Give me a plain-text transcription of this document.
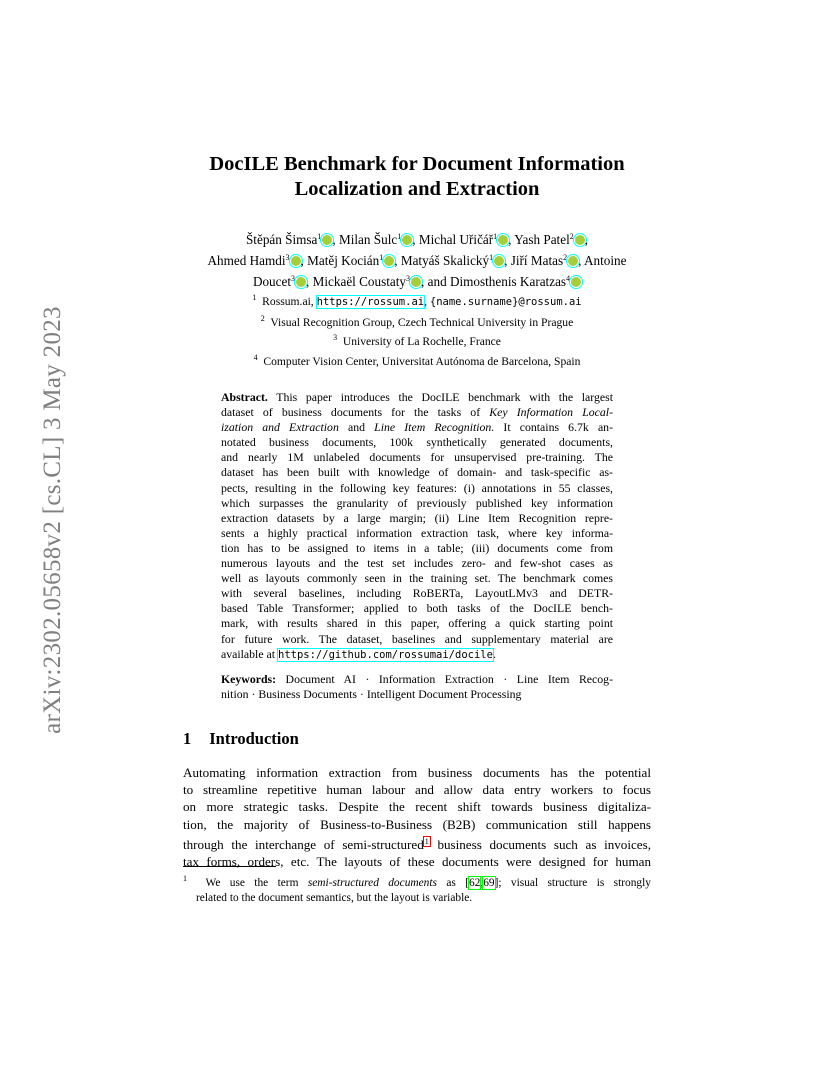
arXiv:2302.05658v2 [cs.CL] 3 May 2023
DocILE Benchmark for Document Information
Localization and Extraction
Štěpán Šimsa$^1$ , Milan Šulc$^1$ , Michal Uřičář$^1$ , Yash Patel$^2$ ,
Ahmed Hamdi$^3$ , Matěj Kocián$^1$ , Matyáš Skalický$^1$ , Jiří Matas$^2$ , Antoine
Doucet$^3$ , Mickaël Coustaty$^3$ , and Dimosthenis Karatzas$^4$
$^1$ Rossum.ai, https://rossum.ai, {name.surname}@rossum.ai
$^2$ Visual Recognition Group, Czech Technical University in Prague
$^3$ University of La Rochelle, France
$^4$ Computer Vision Center, Universitat Autónoma de Barcelona, Spain
Abstract. This paper introduces the DocILE benchmark with the largest
dataset of business documents for the tasks of Key Information Local-
ization and Extraction and Line Item Recognition. It contains 6.7k an-
notated business documents, 100k synthetically generated documents,
and nearly 1M unlabeled documents for unsupervised pre-training. The
dataset has been built with knowledge of domain- and task-specific as-
pects, resulting in the following key features: (i) annotations in 55 classes,
which surpasses the granularity of previously published key information
extraction datasets by a large margin; (ii) Line Item Recognition repre-
sents a highly practical information extraction task, where key informa-
tion has to be assigned to items in a table; (iii) documents come from
numerous layouts and the test set includes zero- and few-shot cases as
well as layouts commonly seen in the training set. The benchmark comes
with several baselines, including RoBERTa, LayoutLMv3 and DETR-
based Table Transformer; applied to both tasks of the DocILE bench-
mark, with results shared in this paper, offering a quick starting point
for future work. The dataset, baselines and supplementary material are
available at https://github.com/rossumai/docile.
Keywords: Document AI · Information Extraction · Line Item Recog-
nition · Business Documents · Intelligent Document Processing
1 Introduction
Automating information extraction from business documents has the potential
to streamline repetitive human labour and allow data entry workers to focus
on more strategic tasks. Despite the recent shift towards business digitaliza-
tion, the majority of Business-to-Business (B2B) communication still happens
through the interchange of semi-structured$^1$ business documents such as invoices,
tax forms, orders, etc. The layouts of these documents were designed for human
$^1$ We use the term semi-structured documents as [62,69]; visual structure is strongly
related to the document semantics, but the layout is variable.
